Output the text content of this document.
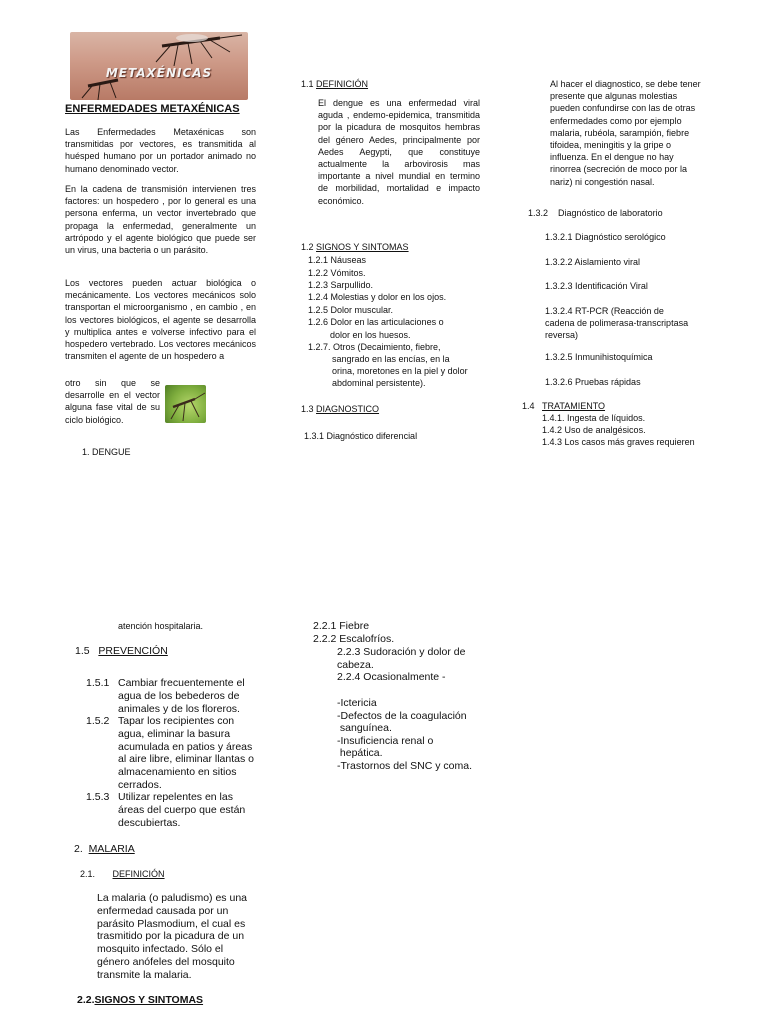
METAXÉNICAS
ENFERMEDADES METAXÉNICAS
Las Enfermedades Metaxénicas son transmitidas por vectores, es transmitida al huésped humano por un portador animado no humano denominado vector.
En la cadena de transmisión intervienen tres factores: un hospedero , por lo general es una persona enferma, un vector invertebrado que propaga la enfermedad, generalmente un artrópodo y el agente biológico que puede ser un virus, una bacteria o un parásito.
Los vectores pueden actuar biológica o mecánicamente. Los vectores mecánicos solo transportan el microorganismo , en cambio , en los vectores biológicos, el agente se desarrolla y multiplica antes e volverse infectivo para el hospedero vertebrado. Los vectores mecánicos transmiten el agente de un hospedero a
otro sin que se desarrolle en el vector alguna fase vital de su ciclo biológico.
1. DENGUE
atención hospitalaria.
1.5 PREVENCIÓN
1.5.1 Cambiar frecuentemente el agua de los bebederos de animales y de los floreros.
1.5.2 Tapar los recipientes con agua, eliminar la basura acumulada en patios y áreas al aire libre, eliminar llantas o almacenamiento en sitios cerrados.
1.5.3 Utilizar repelentes en las áreas del cuerpo que están descubiertas.
2. MALARIA
2.1. DEFINICIÓN
La malaria (o paludismo) es una enfermedad causada por un parásito Plasmodium, el cual es trasmitido por la picadura de un mosquito infectado. Sólo el género anófeles del mosquito transmite la malaria.
2.2.SIGNOS Y SINTOMAS
1.1 DEFINICIÓN
El dengue es una enfermedad viral aguda , endemo-epidemica, transmitida por la picadura de mosquitos hembras del género Aedes, principalmente por Aedes Aegypti, que constituye actualmente la arbovirosis mas importante a nivel mundial en termino de morbilidad, mortalidad e impacto económico.
1.2 SIGNOS Y SINTOMAS
1.2.1 Náuseas
1.2.2 Vómitos.
1.2.3 Sarpullido.
1.2.4 Molestias y dolor en los ojos.
1.2.5 Dolor muscular.
1.2.6 Dolor en las articulaciones o
dolor en los huesos.
1.2.7. Otros (Decaimiento, fiebre,
sangrado en las encías, en la orina, moretones en la piel y dolor abdominal persistente).
1.3 DIAGNOSTICO
1.3.1 Diagnóstico diferencial
2.2.1 Fiebre
2.2.2 Escalofríos.
2.2.3 Sudoración y dolor de cabeza.
2.2.4 Ocasionalmente -
-Ictericia
-Defectos de la coagulación
sanguínea.
-Insuficiencia renal o
hepática.
-Trastornos del SNC y coma.
Al hacer el diagnostico, se debe tener presente que algunas molestias pueden confundirse con las de otras enfermedades como por ejemplo malaria, rubéola, sarampión, fiebre tifoidea, meningitis y la gripe o influenza. En el dengue no hay rinorrea (secreción de moco por la nariz) ni congestión nasal.
1.3.2    Diagnóstico de laboratorio
1.3.2.1 Diagnóstico serológico
1.3.2.2 Aislamiento viral
1.3.2.3 Identificación Viral
1.3.2.4 RT-PCR (Reacción de cadena de polimerasa-transcriptasa reversa)
1.3.2.5 Inmunihistoquímica
1.3.2.6 Pruebas rápidas
1.4 TRATAMIENTO
1.4.1. Ingesta de líquidos.
1.4.2 Uso de analgésicos.
1.4.3 Los casos más graves requieren
